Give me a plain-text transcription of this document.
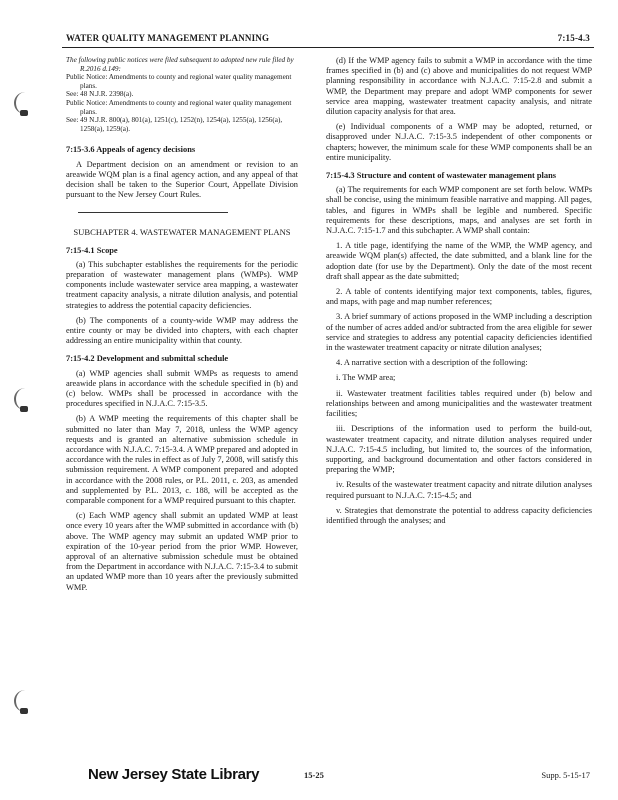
WATER QUALITY MANAGEMENT PLANNING	7:15-4.3

The following public notices were filed subsequent to adopted new rule filed by R.2016 d.149:

Public Notice: Amendments to county and regional water quality management plans.

See: 48 N.J.R. 2398(a).

Public Notice: Amendments to county and regional water quality management plans.

See: 49 N.J.R. 800(a), 801(a), 1251(c), 1252(n), 1254(a), 1255(a), 1256(a), 1258(a), 1259(a).

7:15-3.6 Appeals of agency decisions

A Department decision on an amendment or revision to an areawide WQM plan is a final agency action, and any appeal of that decision shall be taken to the Superior Court, Appellate Division pursuant to the New Jersey Court Rules.

SUBCHAPTER 4. WASTEWATER MANAGEMENT PLANS

7:15-4.1 Scope

(a) This subchapter establishes the requirements for the periodic preparation of wastewater management plans (WMPs). WMP components include wastewater service area mapping, a wastewater treatment capacity analysis, a nitrate dilution analysis, and potential strategies to address the potential capacity deficiencies.

(b) The components of a county-wide WMP may address the entire county or may be divided into chapters, with each chapter addressing an entire municipality within that county.

7:15-4.2 Development and submittal schedule

(a) WMP agencies shall submit WMPs as requests to amend areawide plans in accordance with the schedule specified in (b) and (c) below. WMPs shall be processed in accordance with the procedures specified in N.J.A.C. 7:15-3.5.

(b) A WMP meeting the requirements of this chapter shall be submitted no later than May 7, 2018, unless the WMP agency requests and is granted an alternative submission schedule in accordance with N.J.A.C. 7:15-3.4. A WMP prepared and adopted in accordance with the rules in effect as of July 7, 2008, will satisfy this submission requirement. A WMP component prepared and adopted in accordance with the 2008 rules, or P.L. 2011, c. 203, as amended and supplemented by P.L. 2013, c. 188, will be accepted as the comparable component for a WMP required pursuant to this chapter.

(c) Each WMP agency shall submit an updated WMP at least once every 10 years after the WMP submitted in accordance with (b) above. The WMP agency may submit an updated WMP prior to expiration of the 10-year period from the prior WMP. However, approval of an alternative submission schedule must be obtained from the Department in accordance with N.J.A.C. 7:15-3.4 to submit an updated WMP more than 10 years after the previously submitted WMP.

(d) If the WMP agency fails to submit a WMP in accordance with the time frames specified in (b) and (c) above and municipalities do not request WMP planning responsibility in accordance with N.J.A.C. 7:15-2.8 and submit a WMP, the Department may prepare and adopt WMP components for sewer service area mapping, wastewater treatment capacity analysis, and nitrate dilution capacity analysis for that area.

(e) Individual components of a WMP may be adopted, returned, or disapproved under N.J.A.C. 7:15-3.5 independent of other components or chapters; however, the minimum scale for these WMP components shall be an entire municipality.

7:15-4.3 Structure and content of wastewater management plans

(a) The requirements for each WMP component are set forth below. WMPs shall be concise, using the minimum feasible narrative and mapping. All pages, tables, and figures in WMPs shall be legible and numbered. Specific requirements for these descriptions, maps, and analyses are set forth in N.J.A.C. 7:15-1.7 and this subchapter. A WMP shall contain:

1. A title page, identifying the name of the WMP, the WMP agency, and areawide WQM plan(s) affected, the date submitted, and a blank line for the adoption date (for use by the Department). Only the date of the most recent draft shall appear as the date submitted;

2. A table of contents identifying major text components, tables, figures, and maps, with page and map number references;

3. A brief summary of actions proposed in the WMP including a description of the number of acres added and/or subtracted from the area eligible for sewer service and strategies to address any potential capacity deficiencies identified in the wastewater treatment capacity or nitrate dilution analyses;

4. A narrative section with a description of the following:

i. The WMP area;

ii. Wastewater treatment facilities tables required under (b) below and relationships between and among municipalities and the wastewater treatment facilities;

iii. Descriptions of the information used to perform the build-out, wastewater treatment capacity, and nitrate dilution analyses required under N.J.A.C. 7:15-4.5 including, but limited to, the sources of the information, supporting, and background documentation and other factors considered in preparing the WMP;

iv. Results of the wastewater treatment capacity and nitrate dilution analyses required pursuant to N.J.A.C. 7:15-4.5; and

v. Strategies that demonstrate the potential to address capacity deficiencies identified through the analyses; and

New Jersey State Library	15-25	Supp. 5-15-17
